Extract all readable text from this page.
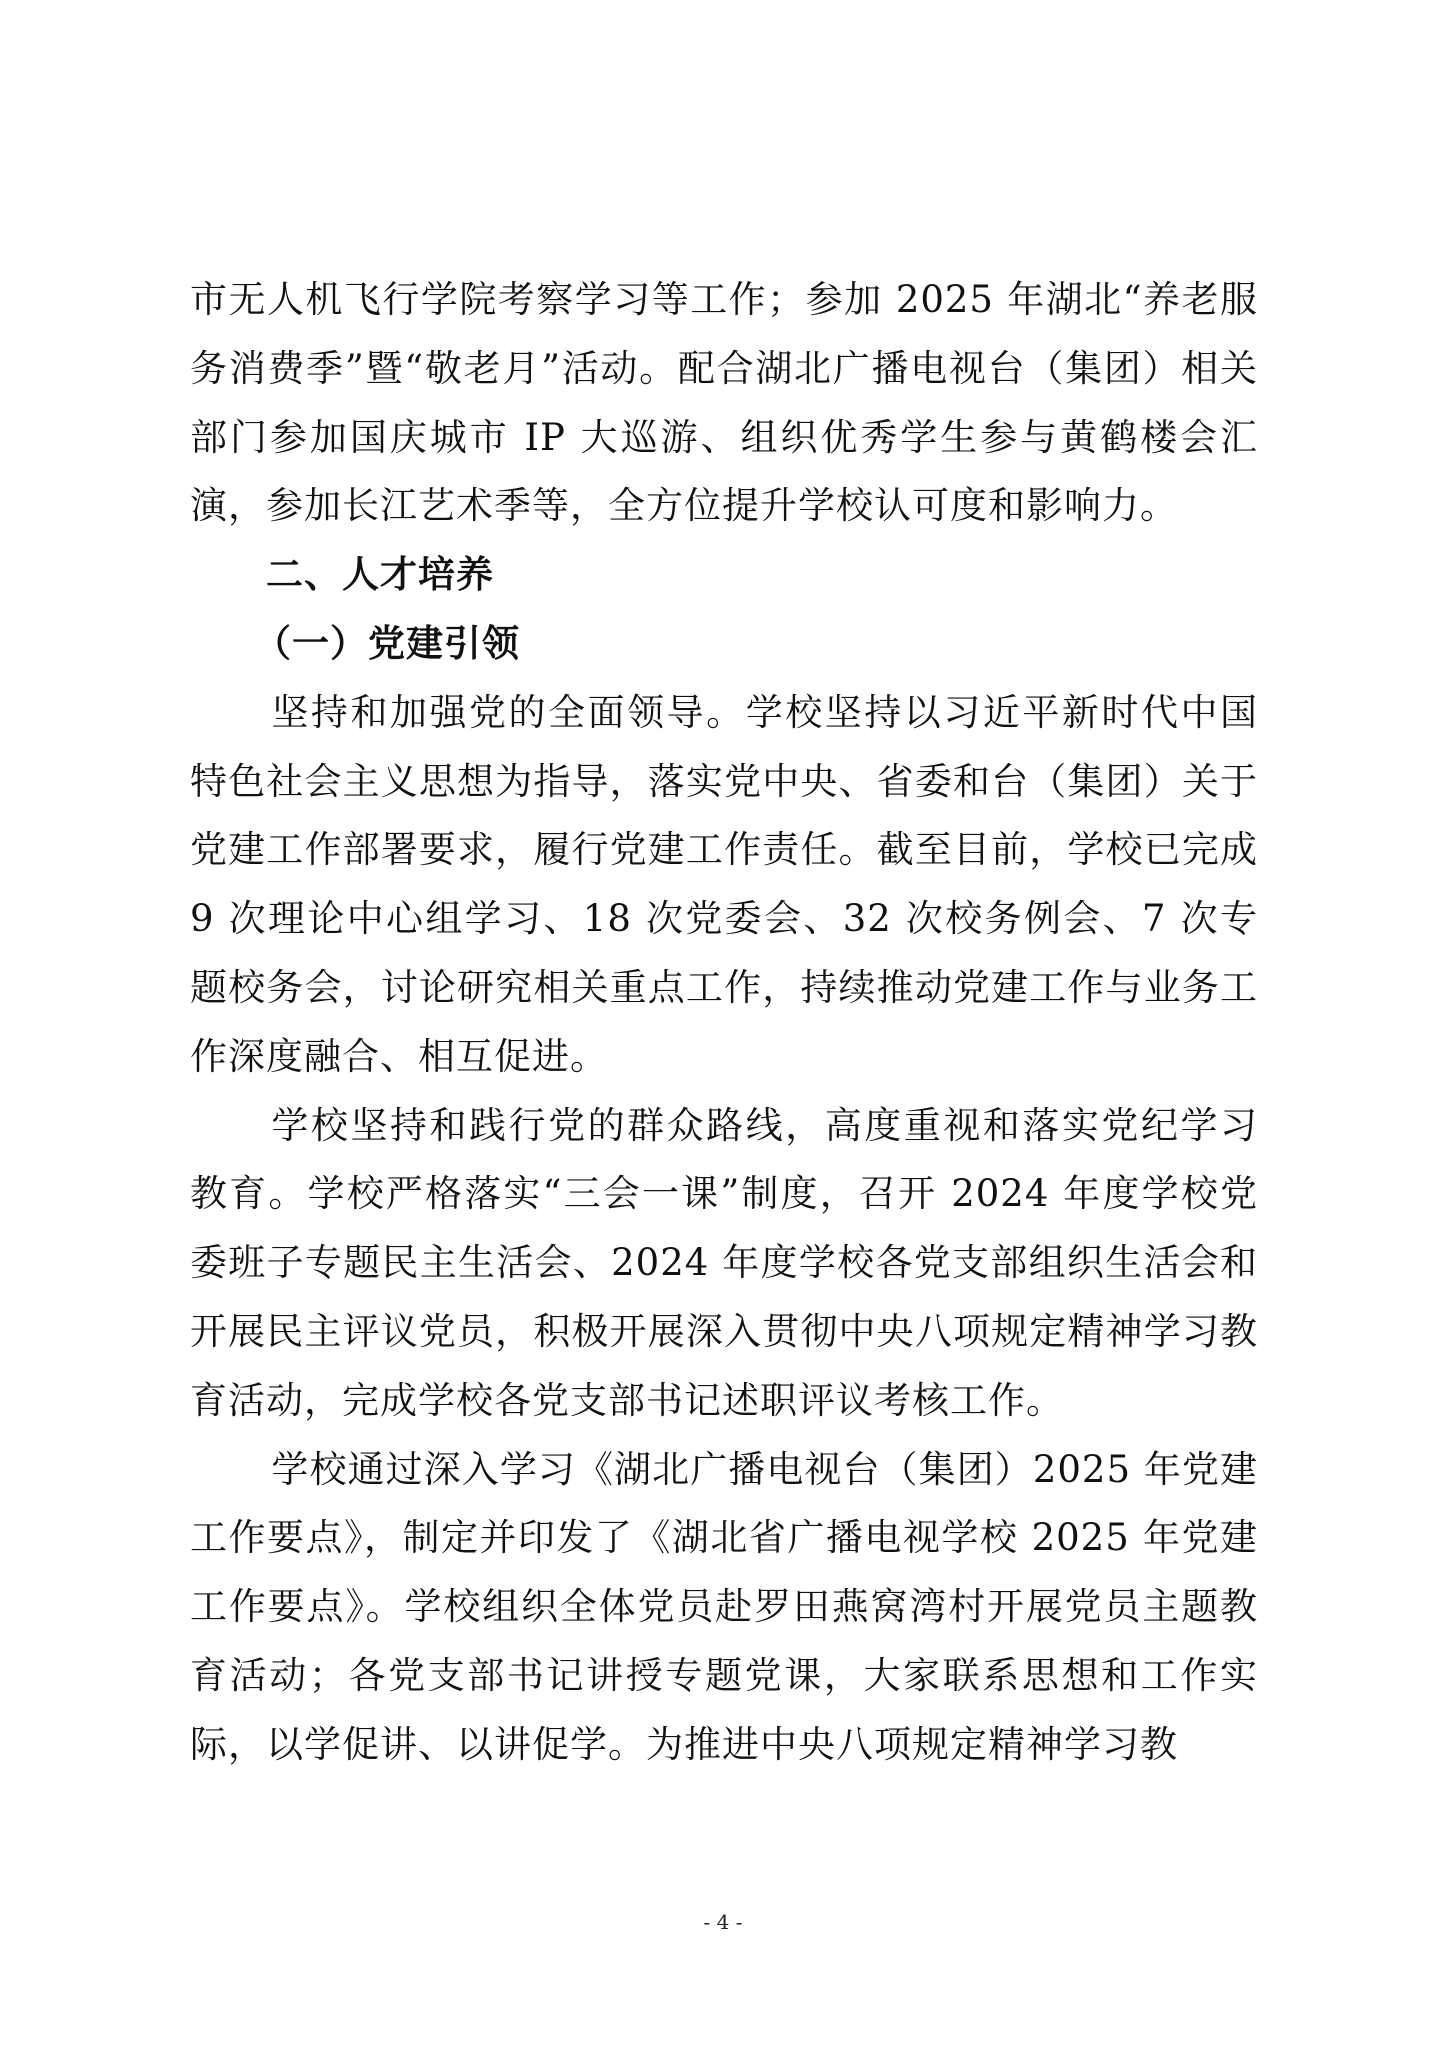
市无人机飞行学院考察学习等工作；参加 2025 年湖北“养老服务消费季”暨“敬老月”活动。配合湖北广播电视台（集团）相关部门参加国庆城市 IP 大巡游、组织优秀学生参与黄鹤楼会汇演，参加长江艺术季等，全方位提升学校认可度和影响力。

二、人才培养

（一）党建引领

坚持和加强党的全面领导。学校坚持以习近平新时代中国特色社会主义思想为指导，落实党中央、省委和台（集团）关于党建工作部署要求，履行党建工作责任。截至目前，学校已完成 9 次理论中心组学习、18 次党委会、32 次校务例会、7 次专题校务会，讨论研究相关重点工作，持续推动党建工作与业务工作深度融合、相互促进。

学校坚持和践行党的群众路线，高度重视和落实党纪学习教育。学校严格落实“三会一课”制度，召开 2024 年度学校党委班子专题民主生活会、2024 年度学校各党支部组织生活会和开展民主评议党员，积极开展深入贯彻中央八项规定精神学习教育活动，完成学校各党支部书记述职评议考核工作。

学校通过深入学习《湖北广播电视台（集团）2025 年党建工作要点》，制定并印发了《湖北省广播电视学校 2025 年党建工作要点》。学校组织全体党员赴罗田燕窝湾村开展党员主题教育活动；各党支部书记讲授专题党课，大家联系思想和工作实际，以学促讲、以讲促学。为推进中央八项规定精神学习教

- 4 -
